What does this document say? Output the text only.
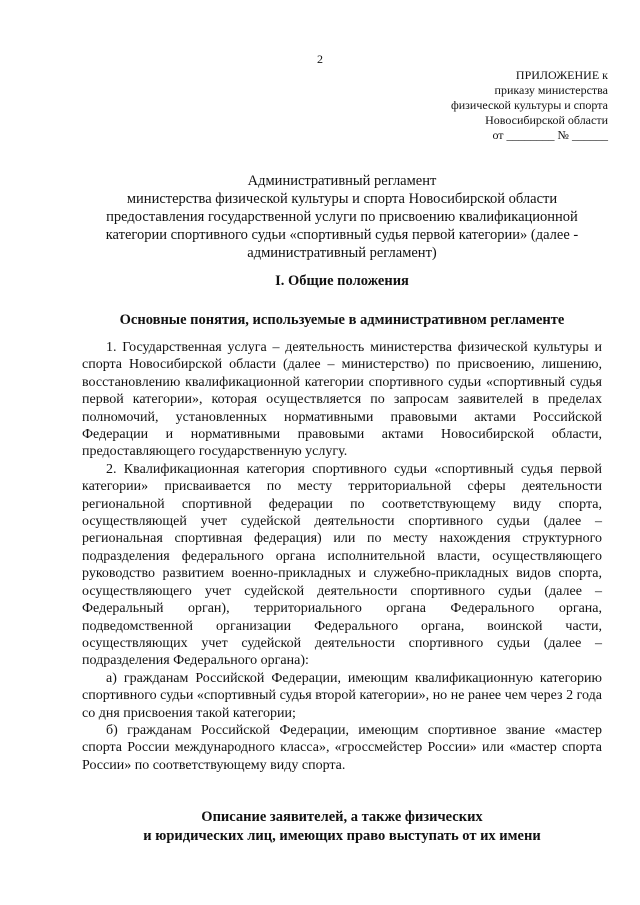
2
ПРИЛОЖЕНИЕ к
приказу министерства
физической культуры и спорта
Новосибирской области
от ________ № ______
Административный регламент
министерства физической культуры и спорта Новосибирской области
предоставления государственной услуги по присвоению квалификационной
категории спортивного судьи «спортивный судья первой категории» (далее -
административный регламент)
I. Общие положения
Основные понятия, используемые в административном регламенте

1. Государственная услуга – деятельность министерства физической культуры и спорта Новосибирской области (далее – министерство) по присвоению, лишению, восстановлению квалификационной категории спортивного судьи «спортивный судья первой категории», которая осуществляется по запросам заявителей в пределах полномочий, установленных нормативными правовыми актами Российской Федерации и нормативными правовыми актами Новосибирской области, предоставляющего государственную услугу.

2. Квалификационная категория спортивного судьи «спортивный судья первой категории» присваивается по месту территориальной сферы деятельности региональной спортивной федерации по соответствующему виду спорта, осуществляющей учет судейской деятельности спортивного судьи (далее – региональная спортивная федерация) или по месту нахождения структурного подразделения федерального органа исполнительной власти, осуществляющего руководство развитием военно-прикладных и служебно-прикладных видов спорта, осуществляющего учет судейской деятельности спортивного судьи (далее – Федеральный орган), территориального органа Федерального органа, подведомственной организации Федерального органа, воинской части, осуществляющих учет судейской деятельности спортивного судьи (далее – подразделения Федерального органа):

а) гражданам Российской Федерации, имеющим квалификационную категорию спортивного судьи «спортивный судья второй категории», но не ранее чем через 2 года со дня присвоения такой категории;

б) гражданам Российской Федерации, имеющим спортивное звание «мастер спорта России международного класса», «гроссмейстер России» или «мастер спорта России» по соответствующему виду спорта.

Описание заявителей, а также физических
и юридических лиц, имеющих право выступать от их имени
